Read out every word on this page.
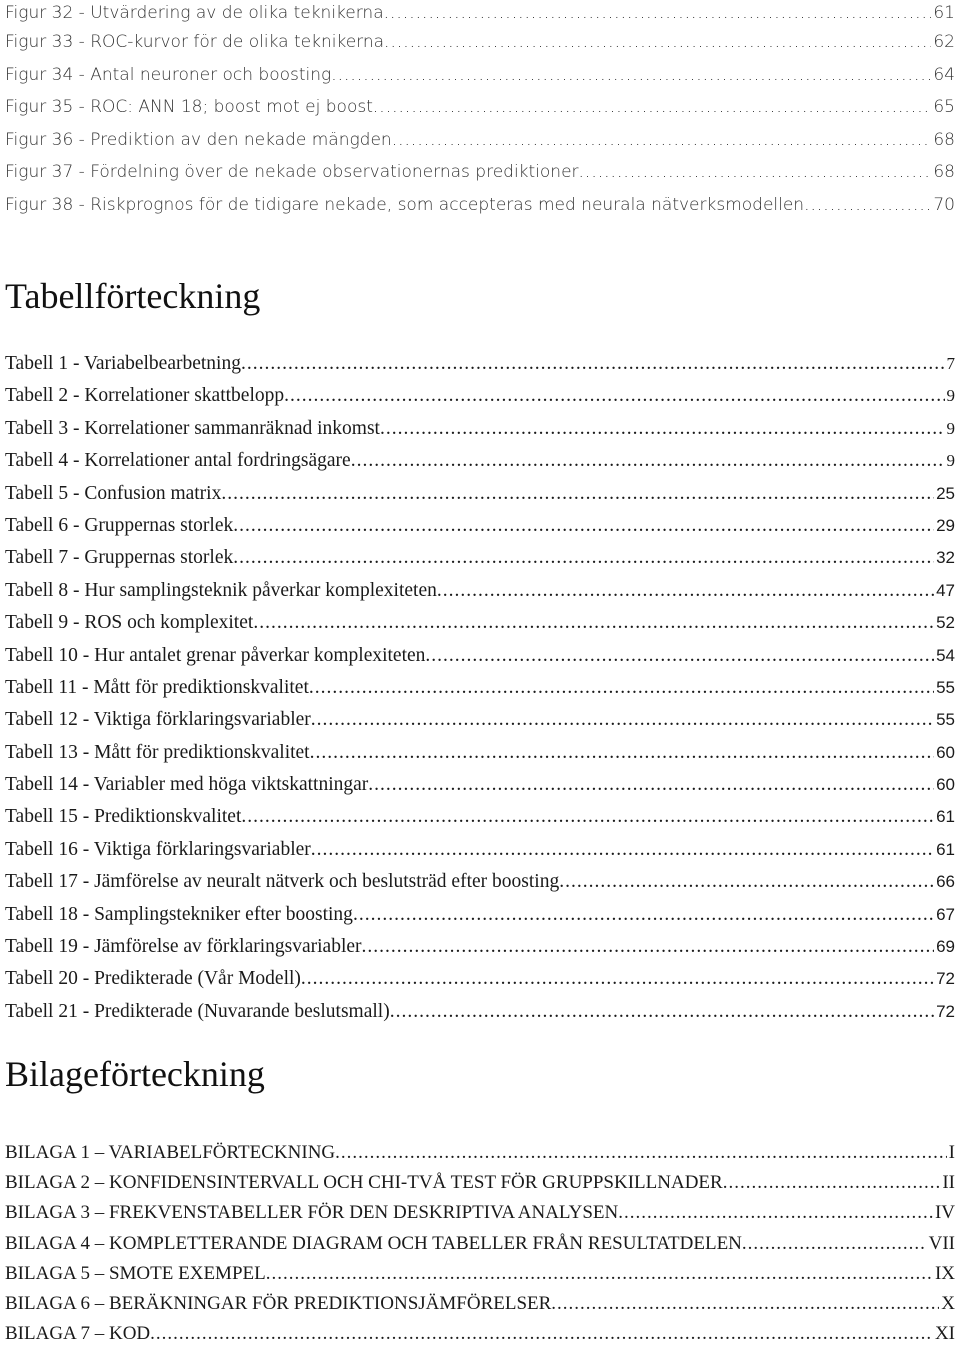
Figur 32 - Utvärdering av de olika teknikerna .....	61
Figur 33 - ROC-kurvor för de olika teknikerna .....	62
Figur 34 - Antal neuroner och boosting .....	64
Figur 35 - ROC: ANN 18; boost mot ej boost .....	65
Figur 36 - Prediktion av den nekade mängden .....	68
Figur 37 - Fördelning över de nekade observationernas prediktioner .....	68
Figur 38 - Riskprognos för de tidigare nekade, som accepteras med neurala nätverksmodellen .....	70
Tabellförteckning
Tabell 1 - Variabelbearbetning .....	7
Tabell 2 - Korrelationer skattbelopp .....	9
Tabell 3 - Korrelationer sammanräknad inkomst .....	9
Tabell 4 - Korrelationer antal fordringsägare .....	9
Tabell 5 - Confusion matrix .....	25
Tabell 6 - Gruppernas storlek .....	29
Tabell 7 - Gruppernas storlek .....	32
Tabell 8 - Hur samplingsteknik påverkar komplexiteten .....	47
Tabell 9 - ROS och komplexitet .....	52
Tabell 10 - Hur antalet grenar påverkar komplexiteten .....	54
Tabell 11 - Mått för prediktionskvalitet .....	55
Tabell 12 - Viktiga förklaringsvariabler .....	55
Tabell 13 - Mått för prediktionskvalitet .....	60
Tabell 14 - Variabler med höga viktskattningar .....	60
Tabell 15 - Prediktionskvalitet .....	61
Tabell 16 - Viktiga förklaringsvariabler .....	61
Tabell 17 - Jämförelse av neuralt nätverk och beslutsträd efter boosting .....	66
Tabell 18 - Samplingstekniker efter boosting .....	67
Tabell 19 - Jämförelse av förklaringsvariabler .....	69
Tabell 20 - Predikterade (Vår Modell) .....	72
Tabell 21 - Predikterade (Nuvarande beslutsmall) .....	72
Bilageförteckning
BILAGA 1 – VARIABELFÖRTECKNING .....	I
BILAGA 2 – KONFIDENSINTERVALL OCH CHI-TVÅ TEST FÖR GRUPPSKILLNADER .....	II
BILAGA 3 – FREKVENSTABELLER FÖR DEN DESKRIPTIVA ANALYSEN .....	IV
BILAGA 4 – KOMPLETTERANDE DIAGRAM OCH TABELLER FRÅN RESULTATDELEN .....	VII
BILAGA 5 – SMOTE EXEMPEL .....	IX
BILAGA 6 – BERÄKNINGAR FÖR PREDIKTIONSJÄMFÖRELSER .....	X
BILAGA 7 – KOD .....	XI
